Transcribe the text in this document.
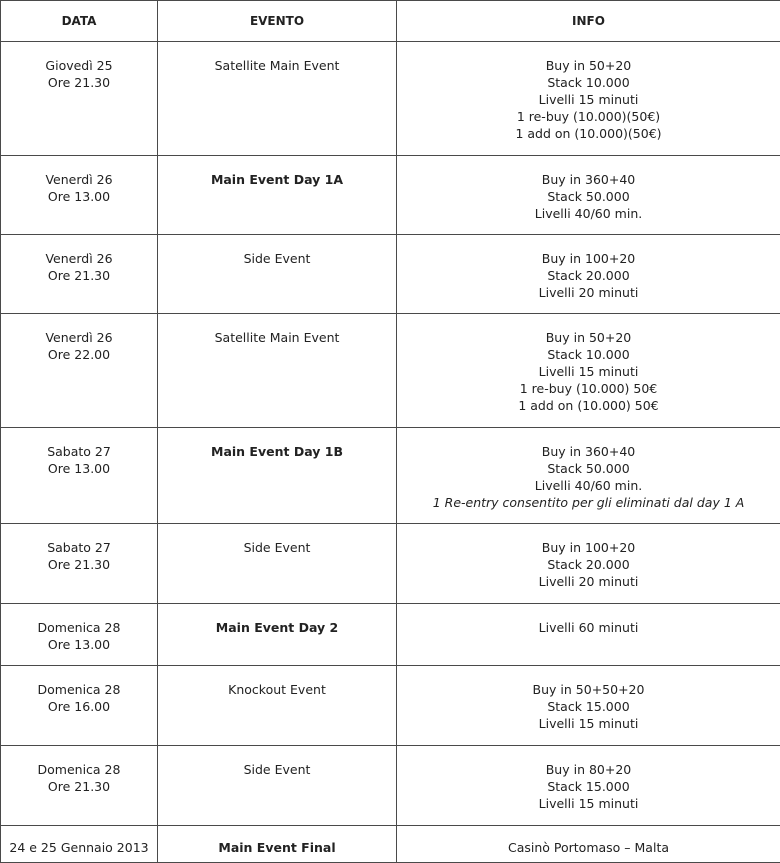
DATA	EVENTO	INFO

Giovedì 25
Ore 21.30	Satellite Main Event	Buy in 50+20
Stack 10.000
Livelli 15 minuti
1 re-buy (10.000)(50€)
1 add on (10.000)(50€)

Venerdì 26
Ore 13.00	Main Event Day 1A	Buy in 360+40
Stack 50.000
Livelli 40/60 min.

Venerdì 26
Ore 21.30	Side Event	Buy in 100+20
Stack 20.000
Livelli 20 minuti

Venerdì 26
Ore 22.00	Satellite Main Event	Buy in 50+20
Stack 10.000
Livelli 15 minuti
1 re-buy (10.000) 50€
1 add on (10.000) 50€

Sabato 27
Ore 13.00	Main Event Day 1B	Buy in 360+40
Stack 50.000
Livelli 40/60 min.
1 Re-entry consentito per gli eliminati dal day 1 A

Sabato 27
Ore 21.30	Side Event	Buy in 100+20
Stack 20.000
Livelli 20 minuti

Domenica 28
Ore 13.00	Main Event Day 2	Livelli 60 minuti

Domenica 28
Ore 16.00	Knockout Event	Buy in 50+50+20
Stack 15.000
Livelli 15 minuti

Domenica 28
Ore 21.30	Side Event	Buy in 80+20
Stack 15.000
Livelli 15 minuti

24 e 25 Gennaio 2013	Main Event Final	Casinò Portomaso – Malta
